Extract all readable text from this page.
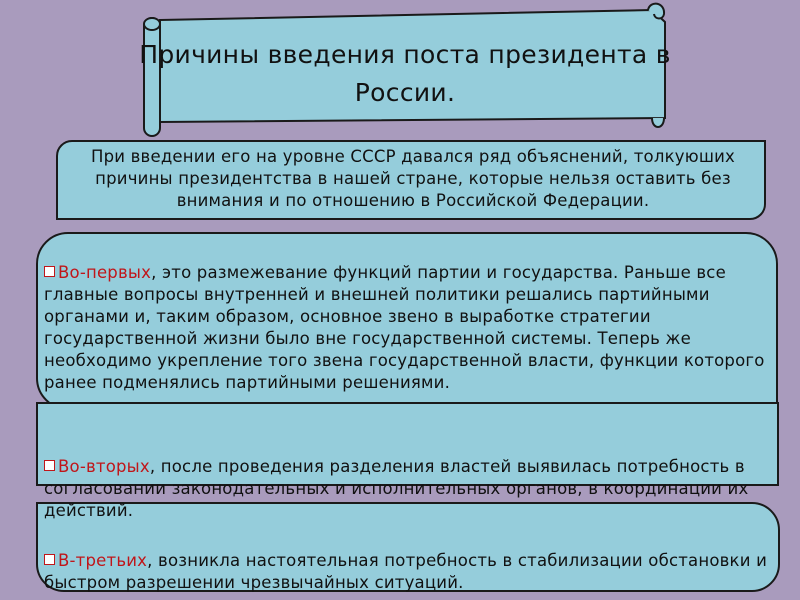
Причины введения поста президента в
России.
При введении его на уровне СССР давался ряд объяснений, толкуюших причины президентства в нашей стране, которые нельзя оставить без внимания и по отношению в Российской Федерации.
Во-первых, это размежевание функций партии и государства. Раньше все главные вопросы внутренней и внешней политики решались партийными органами и, таким образом, основное звено в выработке стратегии государственной жизни было вне государственной системы. Теперь же необходимо укрепление того звена государственной власти, функции которого ранее подменялись партийными решениями.
Во-вторых, после проведения разделения властей выявилась потребность в согласовании законодательных и исполнительных органов, в координации их действий.
В-третьих, возникла настоятельная потребность в стабилизации обстановки и быстром разрешении чрезвычайных ситуаций.
